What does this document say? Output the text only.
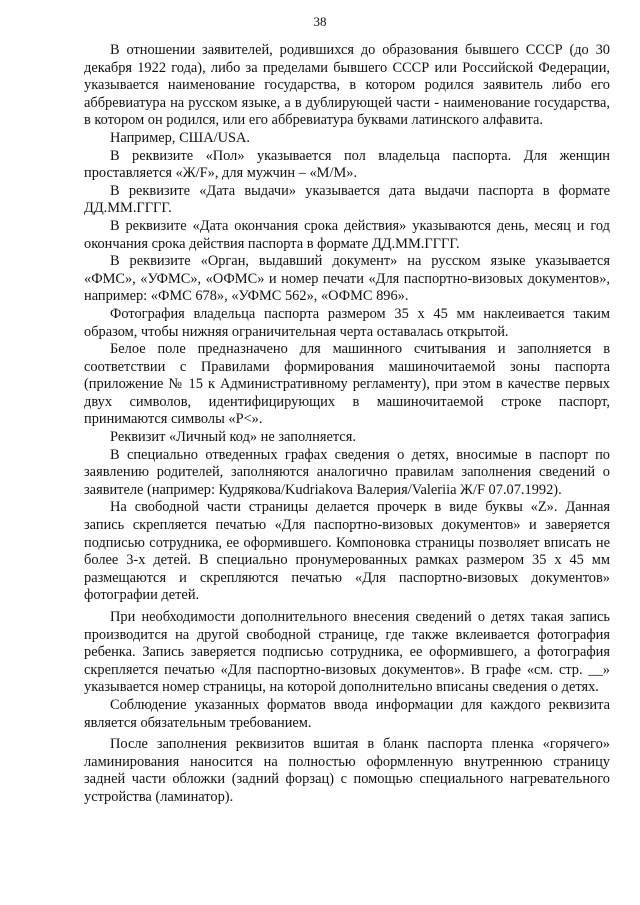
38

В отношении заявителей, родившихся до образования бывшего СССР (до 30 декабря 1922 года), либо за пределами бывшего СССР или Российской Федерации, указывается наименование государства, в котором родился заявитель либо его аббревиатура на русском языке, а в дублирующей части - наименование государства, в котором он родился, или его аббревиатура буквами латинского алфавита.

Например, США/USA.

В реквизите «Пол» указывается пол владельца паспорта. Для женщин проставляется «Ж/F», для мужчин – «М/M».

В реквизите «Дата выдачи» указывается дата выдачи паспорта в формате ДД.ММ.ГГГГ.

В реквизите «Дата окончания срока действия» указываются день, месяц и год окончания срока действия паспорта в формате ДД.ММ.ГГГГ.

В реквизите «Орган, выдавший документ» на русском языке указывается «ФМС», «УФМС», «ОФМС» и номер печати «Для паспортно-визовых документов», например: «ФМС 678», «УФМС 562», «ОФМС 896».

Фотография владельца паспорта размером 35 х 45 мм наклеивается таким образом, чтобы нижняя ограничительная черта оставалась открытой.

Белое поле предназначено для машинного считывания и заполняется в соответствии с Правилами формирования машиночитаемой зоны паспорта (приложение № 15 к Административному регламенту), при этом в качестве первых двух символов, идентифицирующих в машиночитаемой строке паспорт, принимаются символы «P<».

Реквизит «Личный код» не заполняется.

В специально отведенных графах сведения о детях, вносимые в паспорт по заявлению родителей, заполняются аналогично правилам заполнения сведений о заявителе (например: Кудрякова/Kudriakova Валерия/Valeriia Ж/F 07.07.1992).

На свободной части страницы делается прочерк в виде буквы «Z». Данная запись скрепляется печатью «Для паспортно-визовых документов» и заверяется подписью сотрудника, ее оформившего. Компоновка страницы позволяет вписать не более 3-х детей. В специально пронумерованных рамках размером 35 х 45 мм размещаются и скрепляются печатью «Для паспортно-визовых документов» фотографии детей.

При необходимости дополнительного внесения сведений о детях такая запись производится на другой свободной странице, где также вклеивается фотография ребенка. Запись заверяется подписью сотрудника, ее оформившего, а фотография скрепляется печатью «Для паспортно-визовых документов». В графе «см. стр. __» указывается номер страницы, на которой дополнительно вписаны сведения о детях.

Соблюдение указанных форматов ввода информации для каждого реквизита является обязательным требованием.

После заполнения реквизитов вшитая в бланк паспорта пленка «горячего» ламинирования наносится на полностью оформленную внутреннюю страницу задней части обложки (задний форзац) с помощью специального нагревательного устройства (ламинатор).
